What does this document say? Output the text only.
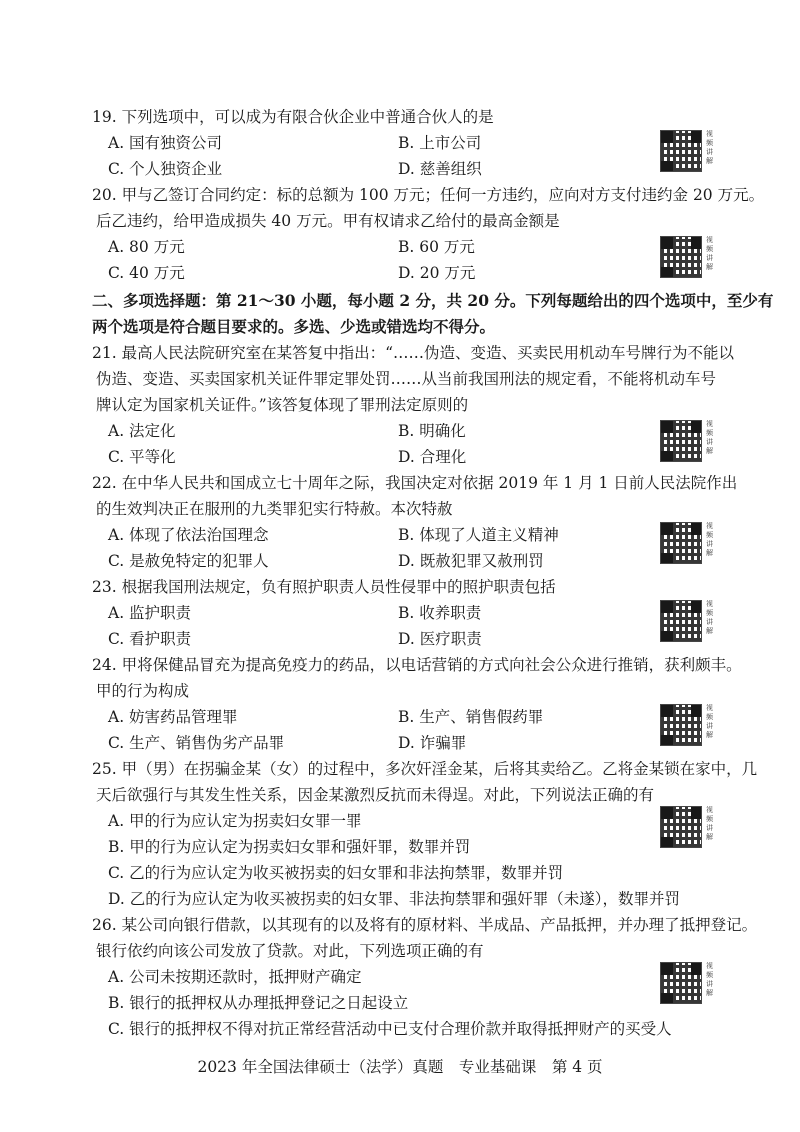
19. 下列选项中，可以成为有限合伙企业中普通合伙人的是
A. 国有独资公司	B. 上市公司
C. 个人独资企业	D. 慈善组织
视频讲解
20. 甲与乙签订合同约定：标的总额为 100 万元；任何一方违约，应向对方支付违约金 20 万元。
后乙违约，给甲造成损失 40 万元。甲有权请求乙给付的最高金额是
A. 80 万元	B. 60 万元
C. 40 万元	D. 20 万元
视频讲解
二、多项选择题：第 21～30 小题，每小题 2 分，共 20 分。下列每题给出的四个选项中，至少有
两个选项是符合题目要求的。多选、少选或错选均不得分。
21. 最高人民法院研究室在某答复中指出：“……伪造、变造、买卖民用机动车号牌行为不能以
伪造、变造、买卖国家机关证件罪定罪处罚……从当前我国刑法的规定看，不能将机动车号
牌认定为国家机关证件。”该答复体现了罪刑法定原则的
A. 法定化	B. 明确化
C. 平等化	D. 合理化
视频讲解
22. 在中华人民共和国成立七十周年之际，我国决定对依据 2019 年 1 月 1 日前人民法院作出
的生效判决正在服刑的九类罪犯实行特赦。本次特赦
A. 体现了依法治国理念	B. 体现了人道主义精神
C. 是赦免特定的犯罪人	D. 既赦犯罪又赦刑罚
视频讲解
23. 根据我国刑法规定，负有照护职责人员性侵罪中的照护职责包括
A. 监护职责	B. 收养职责
C. 看护职责	D. 医疗职责
视频讲解
24. 甲将保健品冒充为提高免疫力的药品，以电话营销的方式向社会公众进行推销，获利颇丰。
甲的行为构成
A. 妨害药品管理罪	B. 生产、销售假药罪
C. 生产、销售伪劣产品罪	D. 诈骗罪
视频讲解
25. 甲（男）在拐骗金某（女）的过程中，多次奸淫金某，后将其卖给乙。乙将金某锁在家中，几
天后欲强行与其发生性关系，因金某激烈反抗而未得逞。对此，下列说法正确的有
A. 甲的行为应认定为拐卖妇女罪一罪
B. 甲的行为应认定为拐卖妇女罪和强奸罪，数罪并罚
C. 乙的行为应认定为收买被拐卖的妇女罪和非法拘禁罪，数罪并罚
D. 乙的行为应认定为收买被拐卖的妇女罪、非法拘禁罪和强奸罪（未遂），数罪并罚
视频讲解
26. 某公司向银行借款，以其现有的以及将有的原材料、半成品、产品抵押，并办理了抵押登记。
银行依约向该公司发放了贷款。对此，下列选项正确的有
A. 公司未按期还款时，抵押财产确定
B. 银行的抵押权从办理抵押登记之日起设立
C. 银行的抵押权不得对抗正常经营活动中已支付合理价款并取得抵押财产的买受人
视频讲解
2023 年全国法律硕士（法学）真题　专业基础课　第 4 页
